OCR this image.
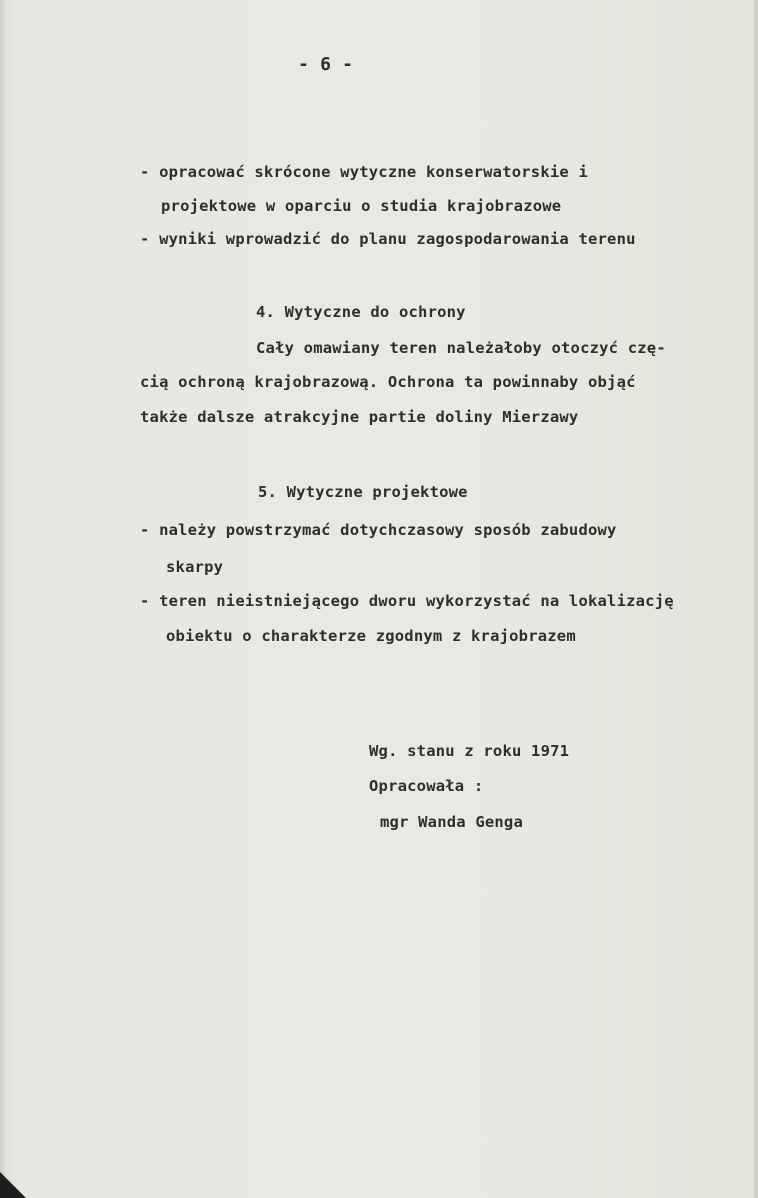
- 6 -
- opracować skrócone wytyczne konserwatorskie i
projektowe w oparciu o studia krajobrazowe
- wyniki wprowadzić do planu zagospodarowania terenu
4. Wytyczne do ochrony
Cały omawiany teren należałoby otoczyć czę-
cią ochroną krajobrazową. Ochrona ta powinnaby objąć
także dalsze atrakcyjne partie doliny Mierzawy
5. Wytyczne projektowe
- należy powstrzymać dotychczasowy sposób zabudowy
skarpy
- teren nieistniejącego dworu wykorzystać na lokalizację
obiektu o charakterze zgodnym z krajobrazem
Wg. stanu z roku 1971
Opracowała :
mgr Wanda Genga
